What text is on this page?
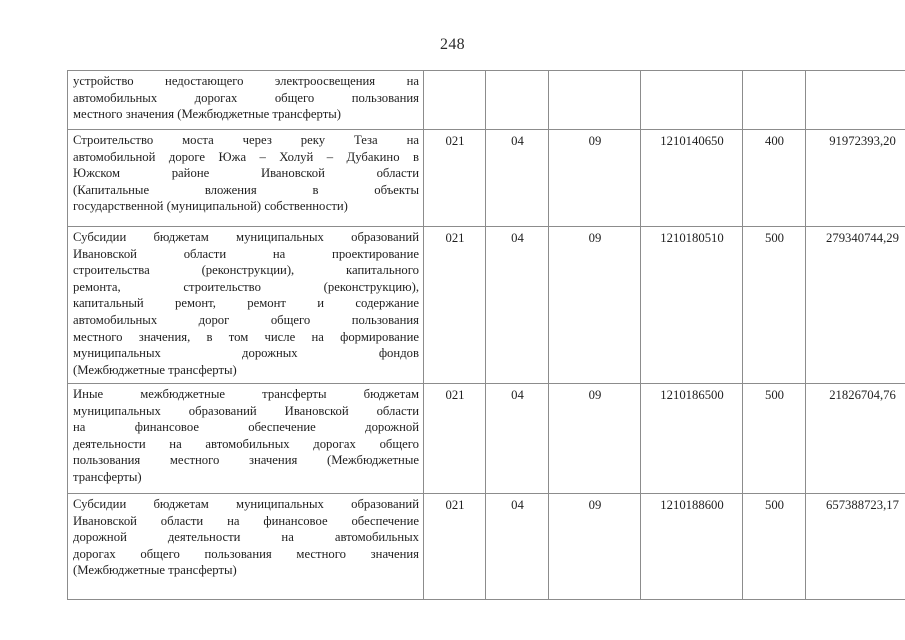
248

устройство недостающего электроосвещения на

автомобильных дорогах общего пользования

местного значения (Межбюджетные трансферты)						

Строительство моста через реку Теза на

автомобильной дороге Южа – Холуй – Дубакино в

Южском районе Ивановской области

(Капитальные вложения в объекты

государственной (муниципальной) собственности)	021	04	09	1210140650	400	91972393,20

Субсидии бюджетам муниципальных образований

Ивановской области на проектирование

строительства (реконструкции), капитального

ремонта, строительство (реконструкцию),

капитальный ремонт, ремонт и содержание

автомобильных дорог общего пользования

местного значения, в том числе на формирование

муниципальных дорожных фондов

(Межбюджетные трансферты)

021	04	09	1210180510	500	279340744,29

Иные межбюджетные трансферты бюджетам

муниципальных образований Ивановской области

на финансовое обеспечение дорожной

деятельности на автомобильных дорогах общего

пользования местного значения (Межбюджетные

трансферты)

021	04	09	1210186500	500	21826704,76

Субсидии бюджетам муниципальных образований

Ивановской области на финансовое обеспечение

дорожной деятельности на автомобильных

дорогах общего пользования местного значения

(Межбюджетные трансферты)	021	04	09	1210188600	500	657388723,17
